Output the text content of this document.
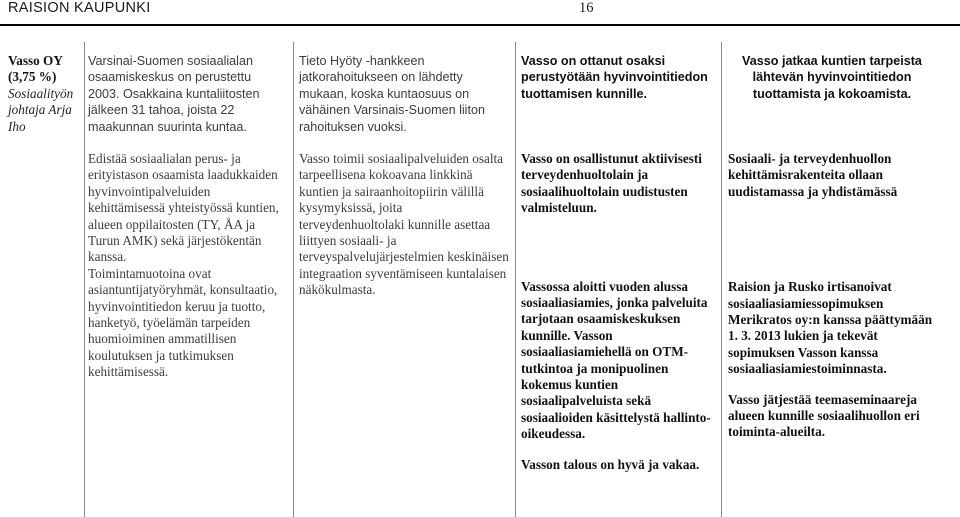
RAISION KAUPUNKI	16
Vasso OY
(3,75 %)
Sosiaalityön
johtaja Arja
Iho
Varsinai-Suomen sosiaalialan osaamiskeskus on perustettu 2003. Osakkaina kuntaliitosten jälkeen 31 tahoa, joista 22 maakunnan suurinta kuntaa.
Tieto Hyöty -hankkeen jatkorahoitukseen on lähdetty mukaan, koska kuntaosuus on vähäinen Varsinais-Suomen liiton rahoituksen vuoksi.
Vasso on ottanut osaksi perustyötään hyvinvointitiedon tuottamisen kunnille.
Vasso jatkaa kuntien tarpeista lähtevän hyvinvointitiedon tuottamista ja kokoamista.

Edistää sosiaalialan perus- ja erityistason osaamista laadukkaiden hyvinvointipalveluiden kehittämisessä yhteistyössä kuntien, alueen oppilaitosten (TY, ÅA ja Turun AMK) sekä järjestökentän kanssa.

Toimintamuotoina ovat asiantuntijatyöryhmät, konsultaatio, hyvinvointitiedon keruu ja tuotto, hanketyö, työelämän tarpeiden huomioiminen ammatillisen koulutuksen ja tutkimuksen kehittämisessä.

Vasso toimii sosiaalipalveluiden osalta tarpeellisena kokoavana linkkinä kuntien ja sairaanhoitopiirin välillä kysymyksissä, joita terveydenhuoltolaki kunnille asettaa liittyen sosiaali- ja terveyspalvelujärjestelmien keskinäisen integraation syventämiseen kuntalaisen näkökulmasta.

Vasso on osallistunut aktiivisesti terveydenhuoltolain ja sosiaalihuoltolain uudistusten valmisteluun.

Vassossa aloitti vuoden alussa sosiaaliasiamies, jonka palveluita tarjotaan osaamiskeskuksen kunnille. Vasson sosiaaliasiamiehellä on OTM-tutkintoa ja monipuolinen kokemus kuntien sosiaalipalveluista sekä sosiaalioiden käsittelystä hallinto-oikeudessa.

Vasson talous on hyvä ja vakaa.

Sosiaali- ja terveydenhuollon kehittämisrakenteita ollaan uudistamassa ja yhdistämässä

Raision ja Rusko irtisanoivat sosiaaliasiamiessopimuksen Merikratos oy:n kanssa päättymään 1. 3. 2013 lukien ja tekevät sopimuksen Vasson kanssa sosiaaliasiamiestoiminnasta.

Vasso jätjestää teemaseminaareja alueen kunnille sosiaalihuollon eri toiminta-alueilta.
